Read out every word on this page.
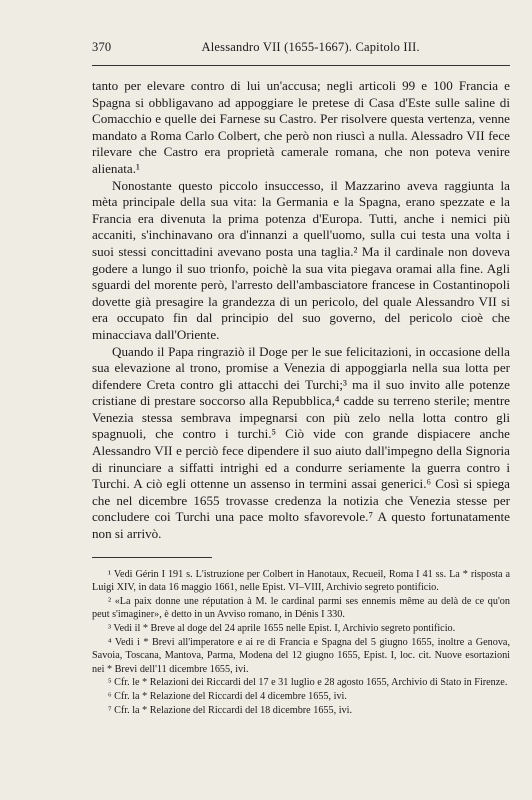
370	Alessandro VII (1655-1667). Capitolo III.

tanto per elevare contro di lui un'accusa; negli articoli 99 e 100 Francia e Spagna si obbligavano ad appoggiare le pretese di Casa d'Este sulle saline di Comacchio e quelle dei Farnese su Castro. Per risolvere questa vertenza, venne mandato a Roma Carlo Colbert, che però non riuscì a nulla. Alessadro VII fece rilevare che Castro era proprietà camerale romana, che non poteva venire alienata.¹

Nonostante questo piccolo insuccesso, il Mazzarino aveva raggiunta la mèta principale della sua vita: la Germania e la Spagna, erano spezzate e la Francia era divenuta la prima potenza d'Europa. Tutti, anche i nemici più accaniti, s'inchinavano ora d'innanzi a quell'uomo, sulla cui testa una volta i suoi stessi concittadini avevano posta una taglia.² Ma il cardinale non doveva godere a lungo il suo trionfo, poichè la sua vita piegava oramai alla fine. Agli sguardi del morente però, l'arresto dell'ambasciatore francese in Costantinopoli dovette già presagire la grandezza di un pericolo, del quale Alessandro VII si era occupato fin dal principio del suo governo, del pericolo cioè che minacciava dall'Oriente.

Quando il Papa ringraziò il Doge per le sue felicitazioni, in occasione della sua elevazione al trono, promise a Venezia di appoggiarla nella sua lotta per difendere Creta contro gli attacchi dei Turchi;³ ma il suo invito alle potenze cristiane di prestare soccorso alla Repubblica,⁴ cadde su terreno sterile; mentre Venezia stessa sembrava impegnarsi con più zelo nella lotta contro gli spagnuoli, che contro i turchi.⁵ Ciò vide con grande dispiacere anche Alessandro VII e perciò fece dipendere il suo aiuto dall'impegno della Signoria di rinunciare a siffatti intrighi ed a condurre seriamente la guerra contro i Turchi. A ciò egli ottenne un assenso in termini assai generici.⁶ Così si spiega che nel dicembre 1655 trovasse credenza la notizia che Venezia stesse per concludere coi Turchi una pace molto sfavorevole.⁷ A questo fortunatamente non si arrivò.

¹ Vedi Gérin I 191 s. L'istruzione per Colbert in Hanotaux, Recueil, Roma I 41 ss. La * risposta a Luigi XIV, in data 16 maggio 1661, nelle Epist. VI–VIII, Archivio segreto pontificio.

² «La paix donne une réputation à M. le cardinal parmi ses ennemis même au delà de ce qu'on peut s'imaginer», è detto in un Avviso romano, in Dénis I 330.

³ Vedi il * Breve al doge del 24 aprile 1655 nelle Epist. I, Archivio segreto pontificio.

⁴ Vedi i * Brevi all'imperatore e ai re di Francia e Spagna del 5 giugno 1655, inoltre a Genova, Savoia, Toscana, Mantova, Parma, Modena del 12 giugno 1655, Epist. I, loc. cit. Nuove esortazioni nei * Brevi dell'11 dicembre 1655, ivi.

⁵ Cfr. le * Relazioni dei Riccardi del 17 e 31 luglio e 28 agosto 1655, Archivio di Stato in Firenze.

⁶ Cfr. la * Relazione del Riccardi del 4 dicembre 1655, ivi.

⁷ Cfr. la * Relazione del Riccardi del 18 dicembre 1655, ivi.
